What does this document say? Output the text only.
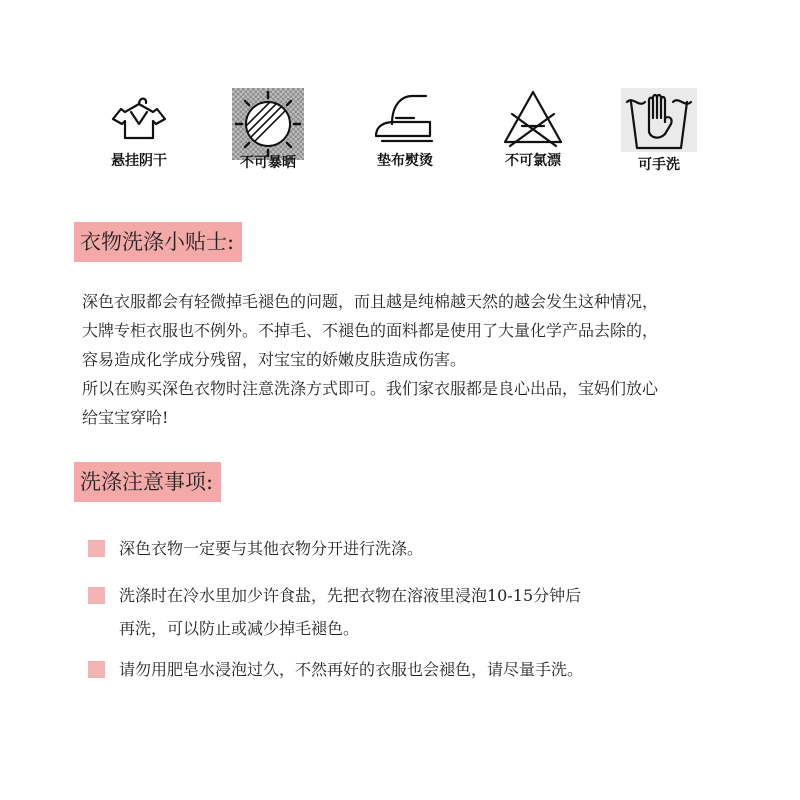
悬挂阴干	不可暴晒	垫布熨烫	不可氯漂	可手洗
衣物洗涤小贴士:

深色衣服都会有轻微掉毛褪色的问题，而且越是纯棉越天然的越会发生这种情况，

大牌专柜衣服也不例外。不掉毛、不褪色的面料都是使用了大量化学产品去除的，

容易造成化学成分残留，对宝宝的娇嫩皮肤造成伤害。

所以在购买深色衣物时注意洗涤方式即可。我们家衣服都是良心出品，宝妈们放心

给宝宝穿哈!

洗涤注意事项:
深色衣物一定要与其他衣物分开进行洗涤。
洗涤时在冷水里加少许食盐，先把衣物在溶液里浸泡10-15分钟后
再洗，可以防止或减少掉毛褪色。
请勿用肥皂水浸泡过久，不然再好的衣服也会褪色，请尽量手洗。
